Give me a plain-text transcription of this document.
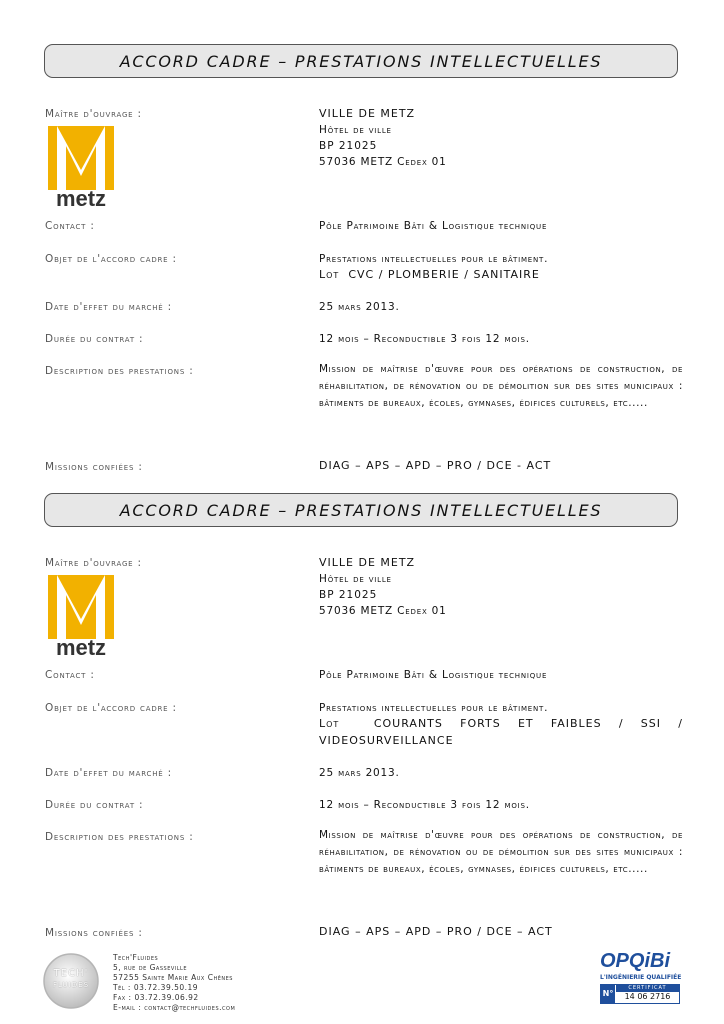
ACCORD CADRE – PRESTATIONS INTELLECTUELLES
Maître d'ouvrage :	VILLE DE METZ
Hôtel de ville
BP 21025
57036 METZ Cedex 01
metz
Contact :	Pôle Patrimoine Bâti & Logistique technique
Objet de l'accord cadre :	Prestations intellectuelles pour le bâtiment.
Lot CVC / PLOMBERIE / SANITAIRE
Date d'effet du marché :	25 mars 2013.
Durée du contrat :	12 mois – Reconductible 3 fois 12 mois.
Description des prestations :	Mission de maîtrise d'œuvre pour des opérations de construction, de réhabilitation, de rénovation ou de démolition sur des sites municipaux : bâtiments de bureaux, écoles, gymnases, édifices culturels, etc.....
Missions confiées :	DIAG – APS – APD – PRO / DCE - ACT
ACCORD CADRE – PRESTATIONS INTELLECTUELLES
Maître d'ouvrage :	VILLE DE METZ
Hôtel de ville
BP 21025
57036 METZ Cedex 01
metz
Contact :	Pôle Patrimoine Bâti & Logistique technique
Objet de l'accord cadre :	Prestations intellectuelles pour le bâtiment.
Lot	COURANTS FORTS ET FAIBLES / SSI / VIDEOSURVEILLANCE
Date d'effet du marché :	25 mars 2013.
Durée du contrat :	12 mois – Reconductible 3 fois 12 mois.
Description des prestations :	Mission de maîtrise d'œuvre pour des opérations de construction, de réhabilitation, de rénovation ou de démolition sur des sites municipaux : bâtiments de bureaux, écoles, gymnases, édifices culturels, etc.....
Missions confiées :	DIAG – APS – APD – PRO / DCE – ACT
TECH'
FLUIDES
Tech'Fluides
5, rue de Gasseville
57255 Sainte Marie Aux Chênes
Tél : 03.72.39.50.19
Fax : 03.72.39.06.92
E-mail : contact@techfluides.com
OPQiBi
L'INGÉNIERIE QUALIFIÉE
N°
CERTIFICAT
14 06 2716
